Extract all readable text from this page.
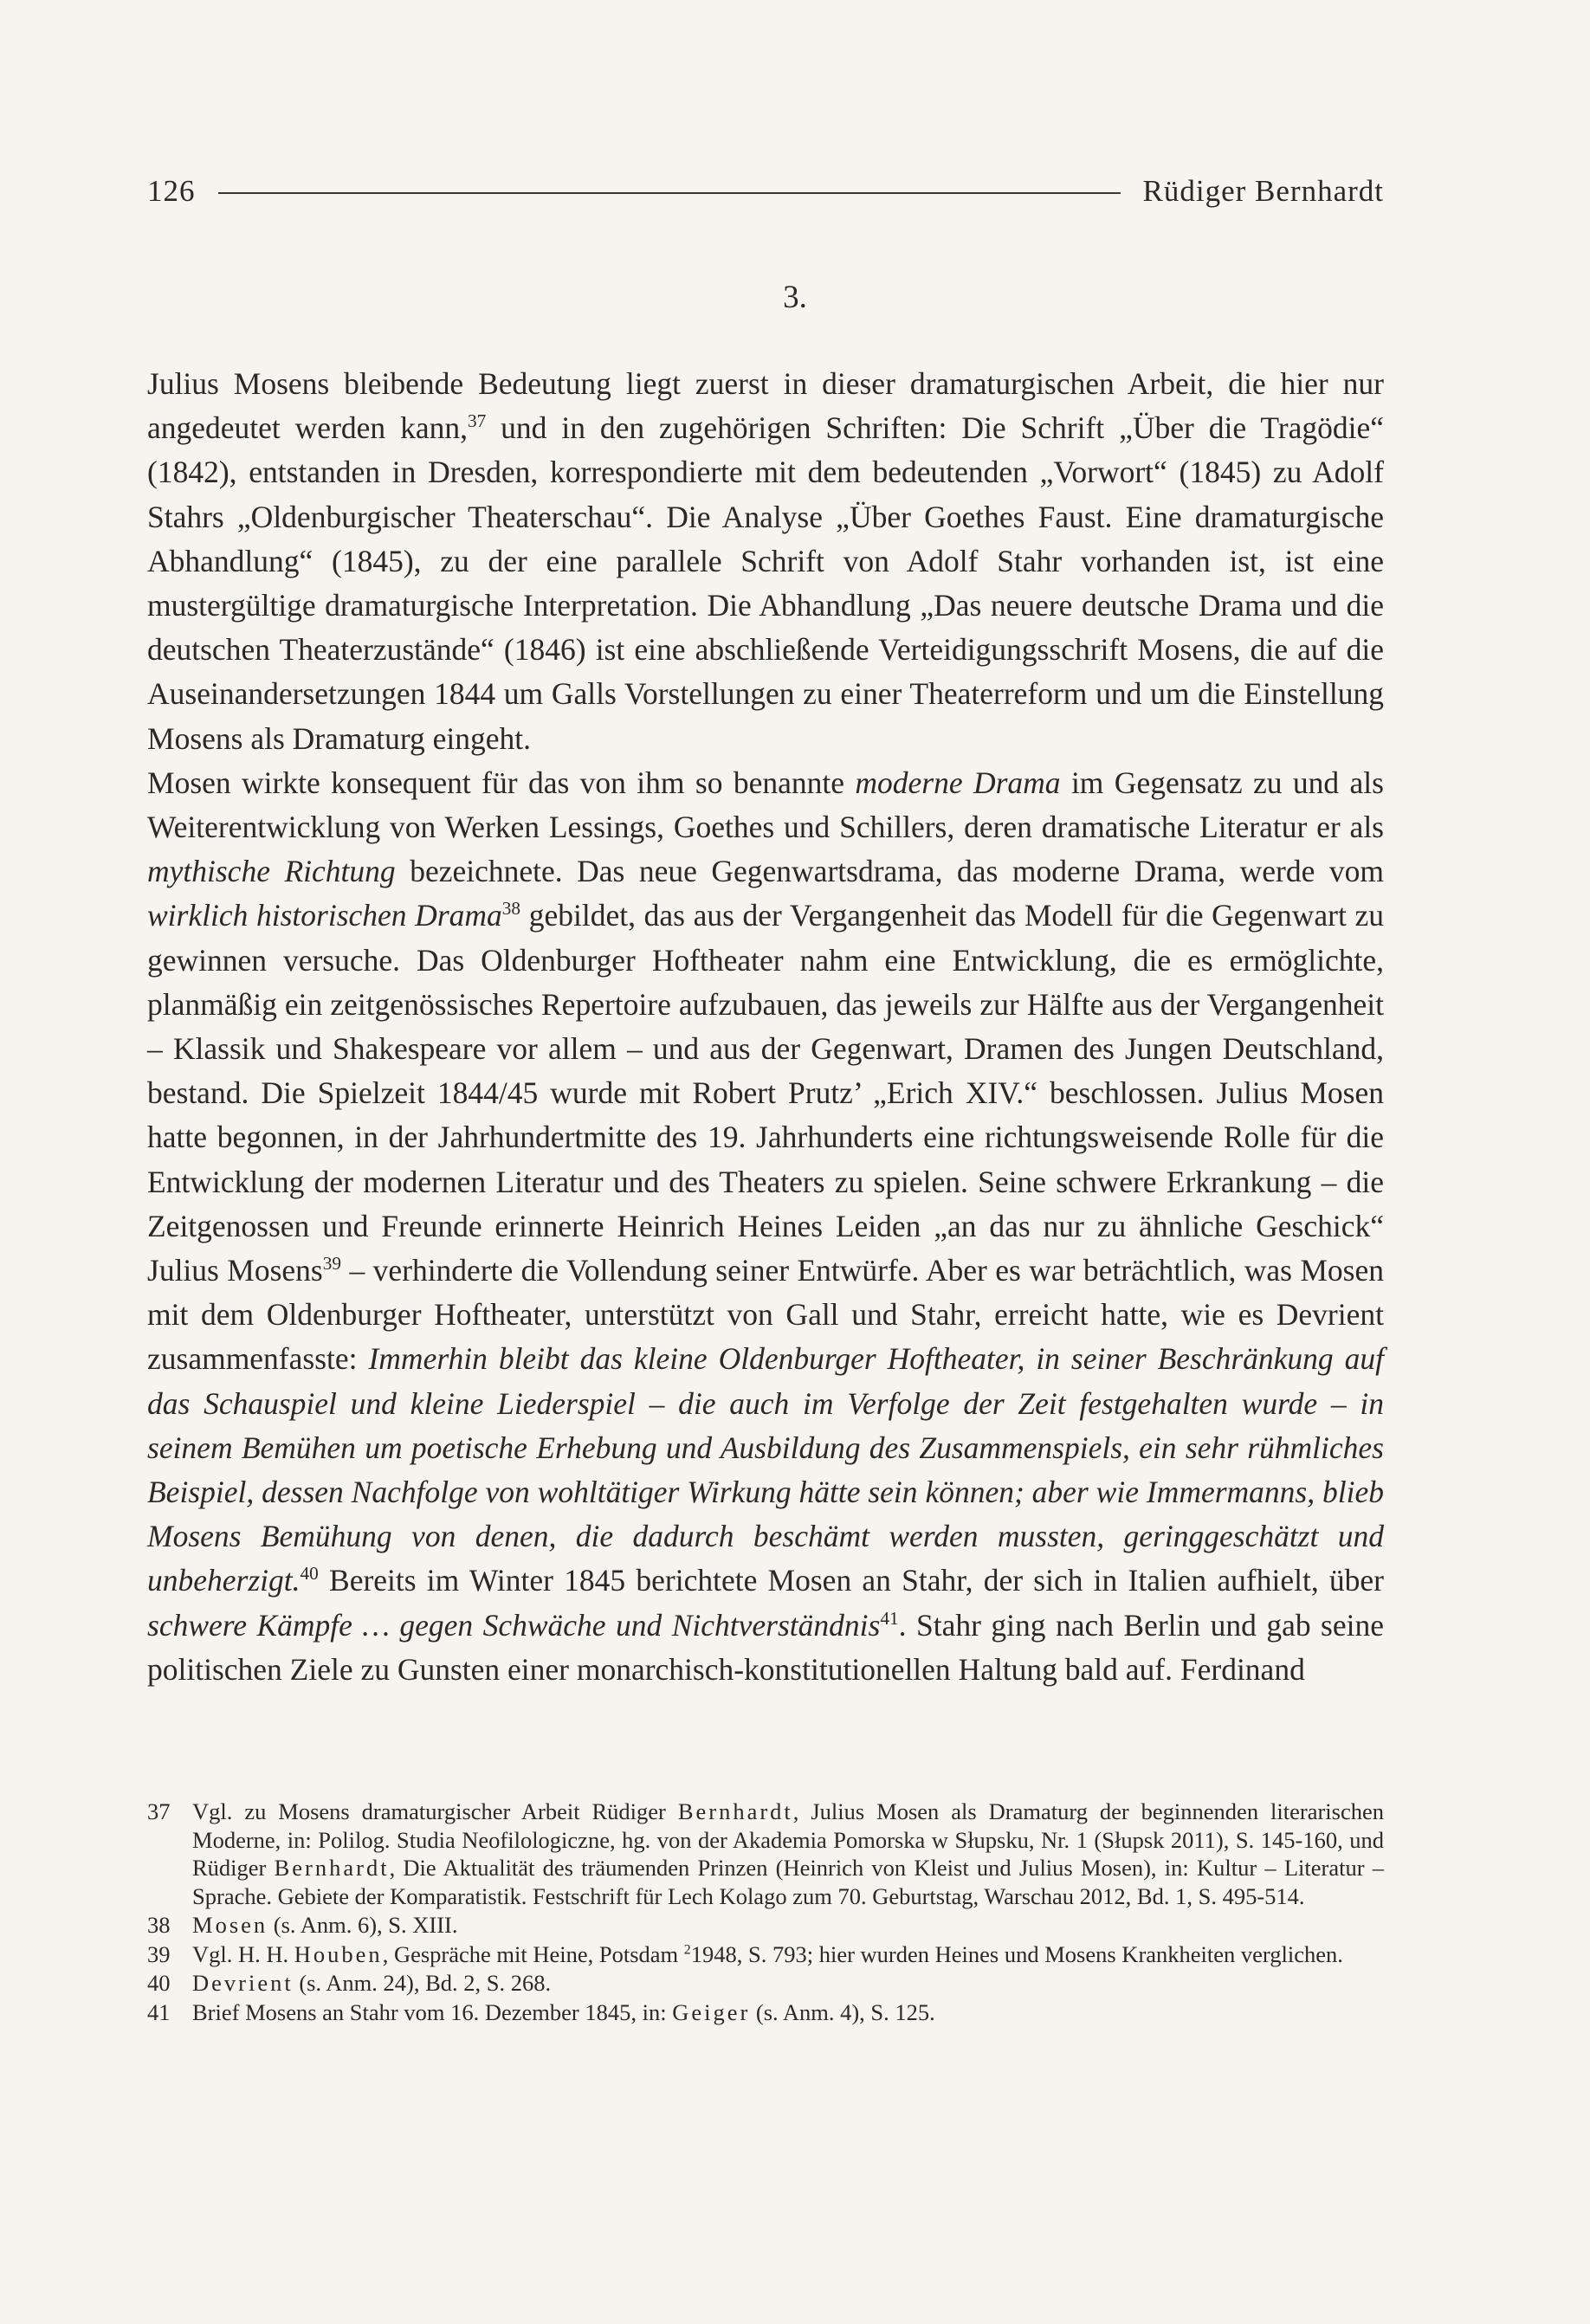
126	Rüdiger Bernhardt
3.

Julius Mosens bleibende Bedeutung liegt zuerst in dieser dramaturgischen Arbeit, die hier nur angedeutet werden kann,$^{37}$ und in den zugehörigen Schriften: Die Schrift „Über die Tragödie“ (1842), entstanden in Dresden, korrespondierte mit dem bedeutenden „Vorwort“ (1845) zu Adolf Stahrs „Oldenburgischer Theaterschau“. Die Analyse „Über Goethes Faust. Eine dramaturgische Abhandlung“ (1845), zu der eine parallele Schrift von Adolf Stahr vorhanden ist, ist eine mustergültige dramaturgische Interpretation. Die Abhandlung „Das neuere deutsche Drama und die deutschen Theaterzustände“ (1846) ist eine abschließende Verteidigungsschrift Mosens, die auf die Auseinandersetzungen 1844 um Galls Vorstellungen zu einer Theaterreform und um die Einstellung Mosens als Dramaturg eingeht.

Mosen wirkte konsequent für das von ihm so benannte moderne Drama im Gegensatz zu und als Weiterentwicklung von Werken Lessings, Goethes und Schillers, deren dramatische Literatur er als mythische Richtung bezeichnete. Das neue Gegenwartsdrama, das moderne Drama, werde vom wirklich historischen Drama$^{38}$ gebildet, das aus der Vergangenheit das Modell für die Gegenwart zu gewinnen versuche. Das Oldenburger Hoftheater nahm eine Entwicklung, die es ermöglichte, planmäßig ein zeitgenössisches Repertoire aufzubauen, das jeweils zur Hälfte aus der Vergangenheit – Klassik und Shakespeare vor allem – und aus der Gegenwart, Dramen des Jungen Deutschland, bestand. Die Spielzeit 1844/45 wurde mit Robert Prutz’ „Erich XIV.“ beschlossen. Julius Mosen hatte begonnen, in der Jahrhundertmitte des 19. Jahrhunderts eine richtungsweisende Rolle für die Entwicklung der modernen Literatur und des Theaters zu spielen. Seine schwere Erkrankung – die Zeitgenossen und Freunde erinnerte Heinrich Heines Leiden „an das nur zu ähnliche Geschick“ Julius Mosens$^{39}$ – verhinderte die Vollendung seiner Entwürfe. Aber es war beträchtlich, was Mosen mit dem Oldenburger Hoftheater, unterstützt von Gall und Stahr, erreicht hatte, wie es Devrient zusammenfasste: Immerhin bleibt das kleine Oldenburger Hoftheater, in seiner Beschränkung auf das Schauspiel und kleine Liederspiel – die auch im Verfolge der Zeit festgehalten wurde – in seinem Bemühen um poetische Erhebung und Ausbildung des Zusammenspiels, ein sehr rühmliches Beispiel, dessen Nachfolge von wohltätiger Wirkung hätte sein können; aber wie Immermanns, blieb Mosens Bemühung von denen, die dadurch beschämt werden mussten, geringgeschätzt und unbeherzigt.$^{40}$ Bereits im Winter 1845 berichtete Mosen an Stahr, der sich in Italien aufhielt, über schwere Kämpfe … gegen Schwäche und Nichtverständnis$^{41}$. Stahr ging nach Berlin und gab seine politischen Ziele zu Gunsten einer monarchisch-konstitutionellen Haltung bald auf. Ferdinand

37 Vgl. zu Mosens dramaturgischer Arbeit Rüdiger Bernhardt, Julius Mosen als Dramaturg der beginnenden literarischen Moderne, in: Polilog. Studia Neofilologiczne, hg. von der Akademia Pomorska w Słupsku, Nr. 1 (Słupsk 2011), S. 145-160, und Rüdiger Bernhardt, Die Aktualität des träumenden Prinzen (Heinrich von Kleist und Julius Mosen), in: Kultur – Literatur – Sprache. Gebiete der Komparatistik. Festschrift für Lech Kolago zum 70. Geburtstag, Warschau 2012, Bd. 1, S. 495-514.
38 Mosen (s. Anm. 6), S. XIII.
39 Vgl. H. H. Houben, Gespräche mit Heine, Potsdam $^2$1948, S. 793; hier wurden Heines und Mosens Krankheiten verglichen.
40 Devrient (s. Anm. 24), Bd. 2, S. 268.
41 Brief Mosens an Stahr vom 16. Dezember 1845, in: Geiger (s. Anm. 4), S. 125.
